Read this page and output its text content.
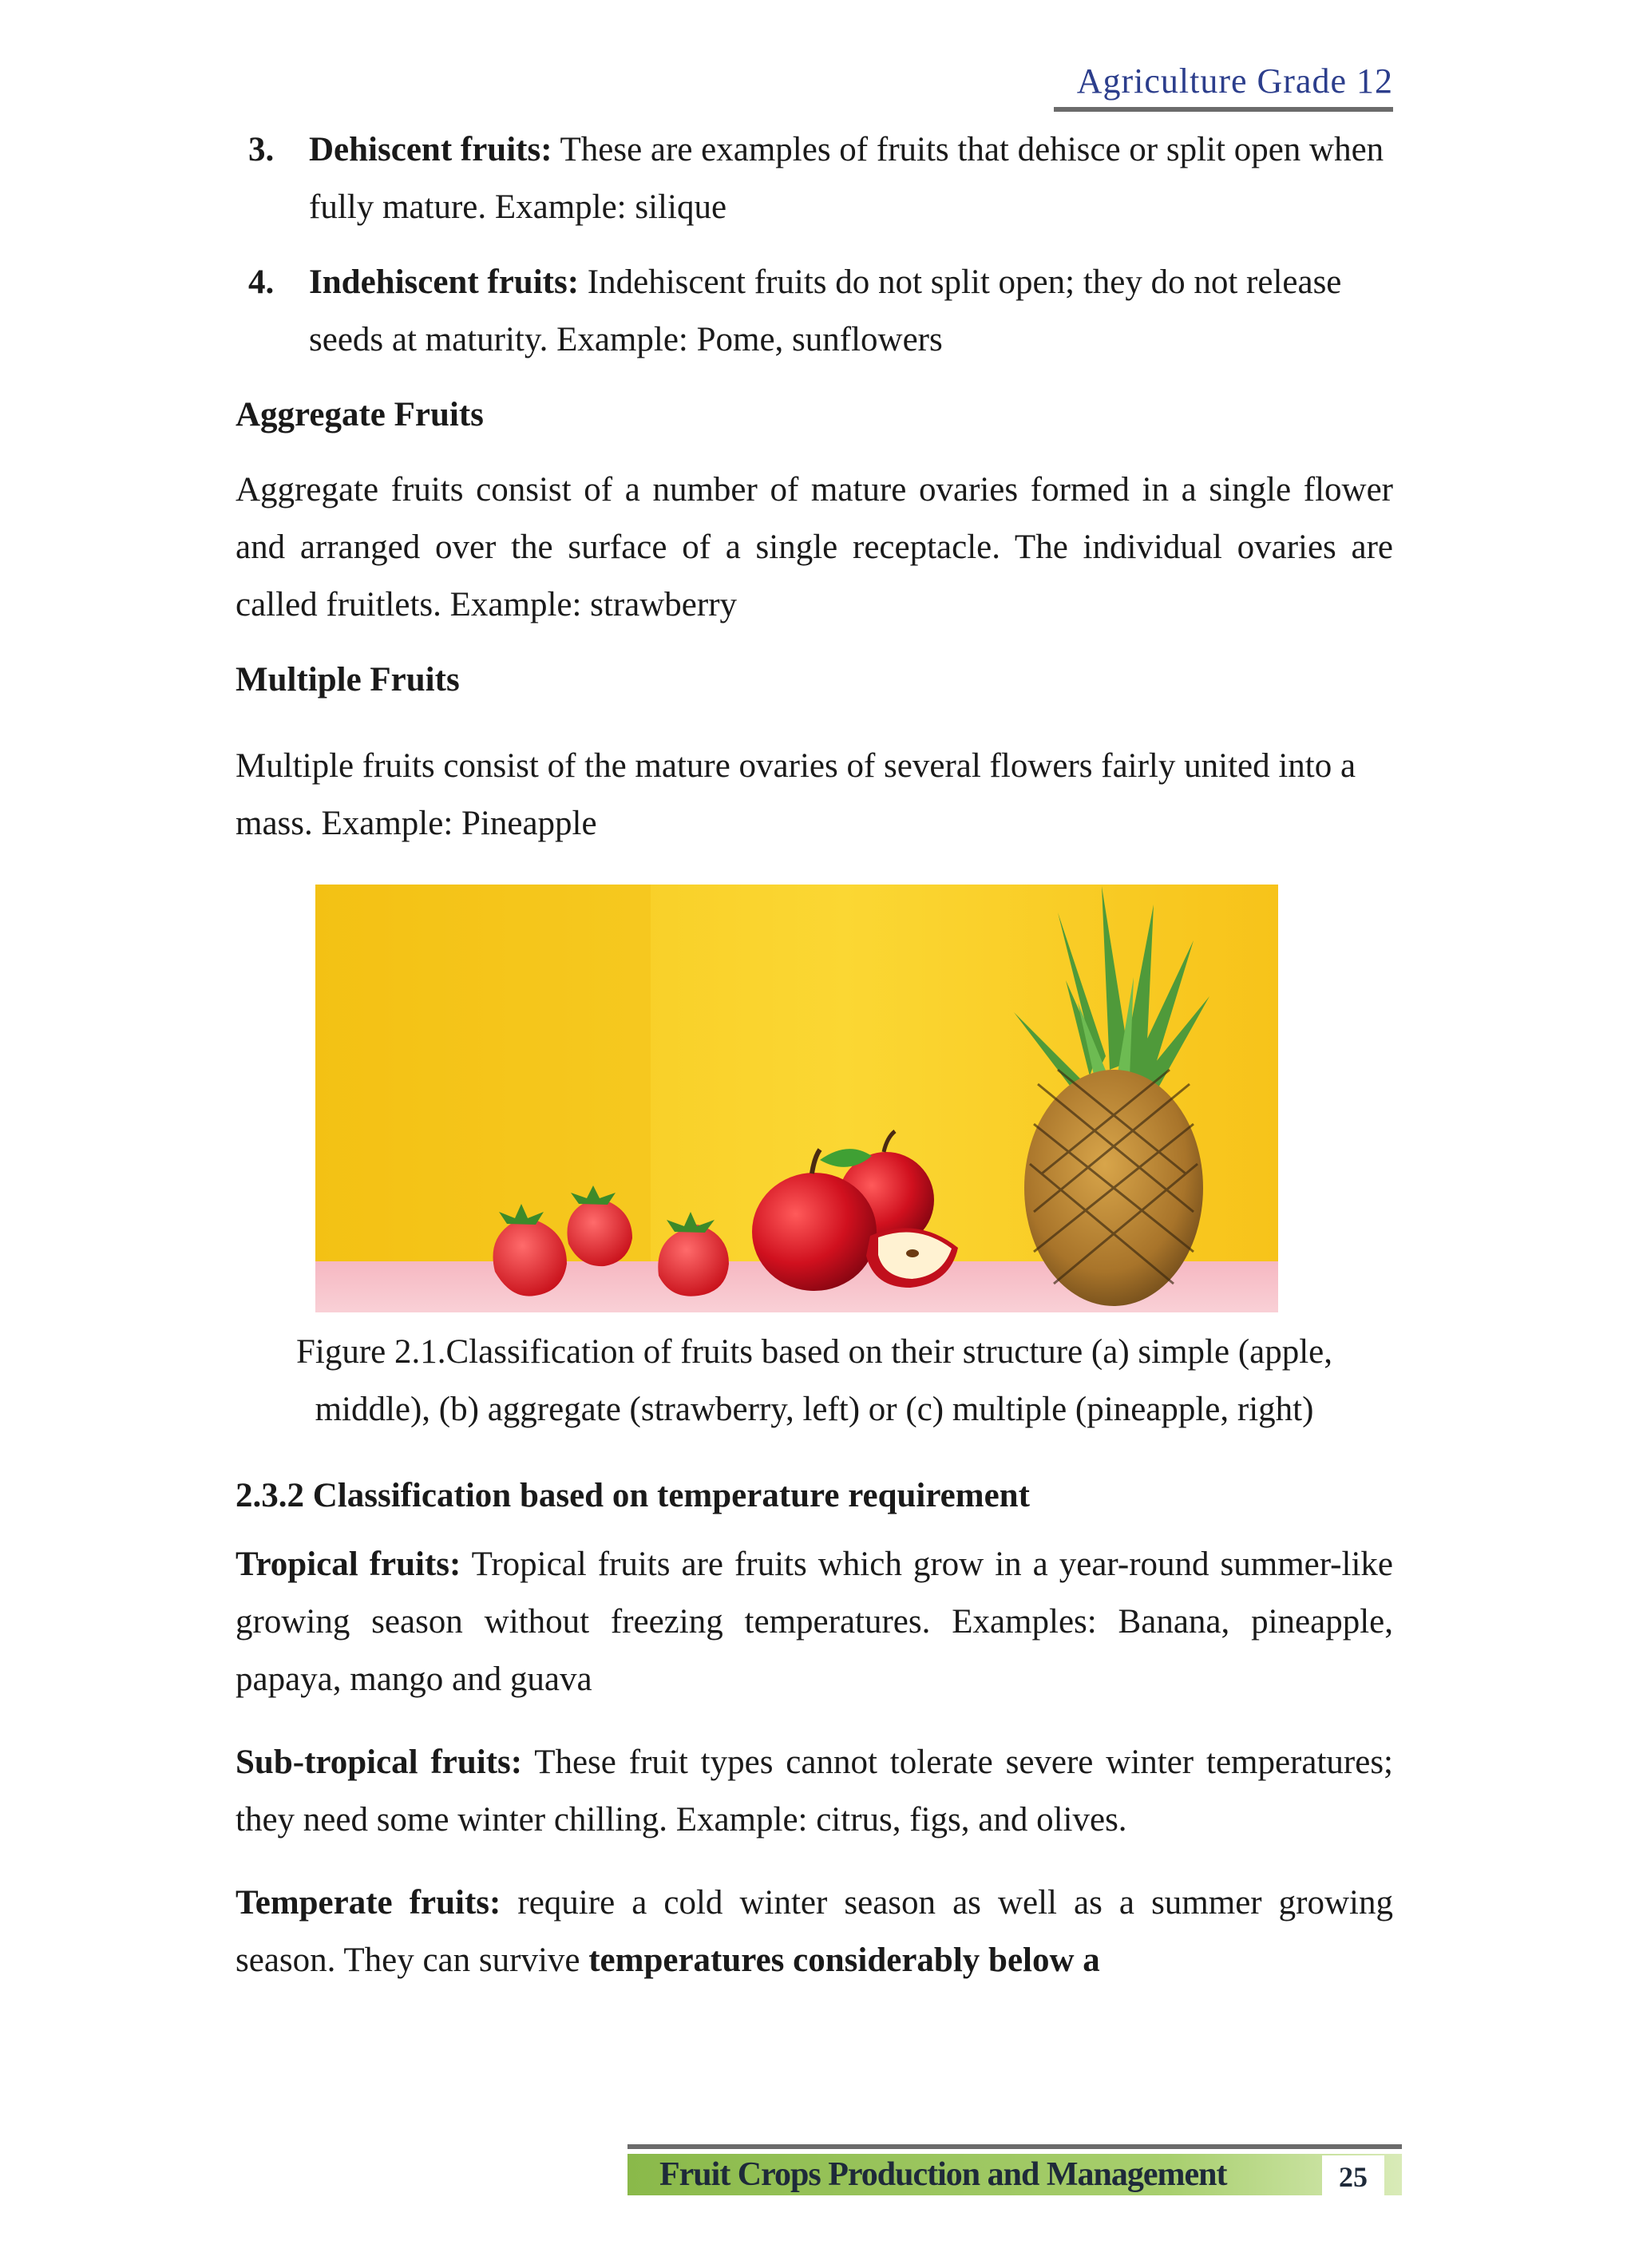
Agriculture Grade 12
3. Dehiscent fruits: These are examples of fruits that dehisce or split open when fully mature. Example: silique
4. Indehiscent fruits: Indehiscent fruits do not split open; they do not release seeds at maturity. Example: Pome, sunflowers
Aggregate Fruits
Aggregate fruits consist of a number of mature ovaries formed in a single flower and arranged over the surface of a single receptacle. The individual ovaries are called fruitlets. Example: strawberry
Multiple Fruits
Multiple fruits consist of the mature ovaries of several flowers fairly united into a mass. Example: Pineapple
Figure 2.1.Classification of fruits based on their structure (a) simple (apple, middle), (b) aggregate (strawberry, left) or (c) multiple (pineapple, right)
2.3.2 Classification based on temperature requirement
Tropical fruits: Tropical fruits are fruits which grow in a year-round summer-like growing season without freezing temperatures. Examples: Banana, pineapple, papaya, mango and guava
Sub-tropical fruits: These fruit types cannot tolerate severe winter temperatures; they need some winter chilling. Example: citrus, figs, and olives.
Temperate fruits: require a cold winter season as well as a summer growing season. They can survive temperatures considerably below a
Fruit Crops Production and Management	25
